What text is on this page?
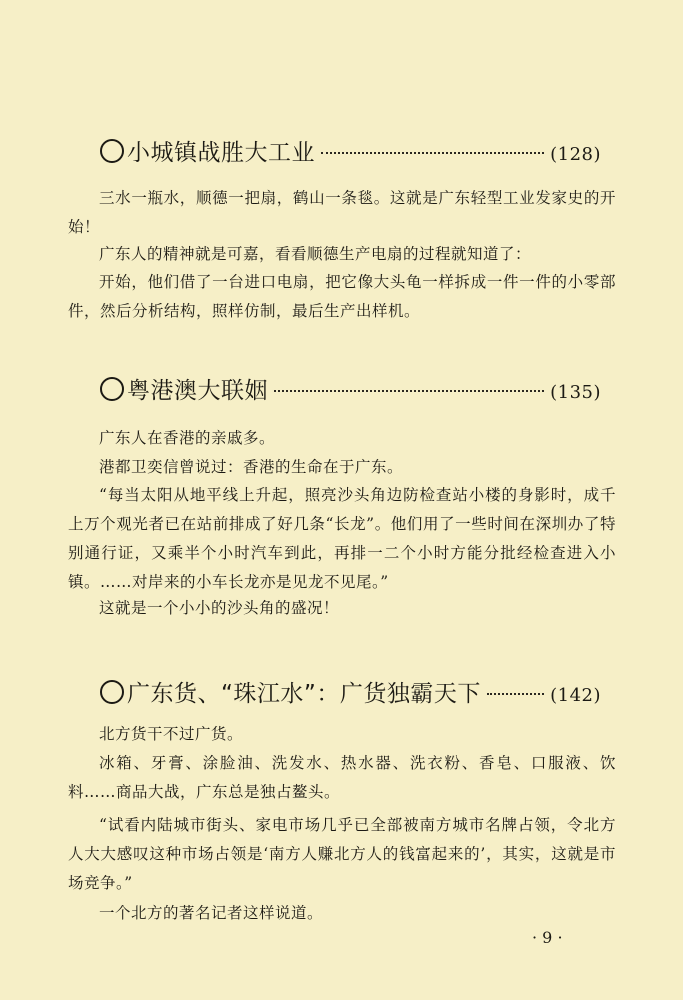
小城镇战胜大工业	(128)
三水一瓶水，顺德一把扇，鹤山一条毯。这就是广东轻型工业发家史的开始！
广东人的精神就是可嘉，看看顺德生产电扇的过程就知道了：
开始，他们借了一台进口电扇，把它像大头龟一样拆成一件一件的小零部件，然后分析结构，照样仿制，最后生产出样机。
粤港澳大联姻	(135)
广东人在香港的亲戚多。
港都卫奕信曾说过：香港的生命在于广东。
“每当太阳从地平线上升起，照亮沙头角边防检查站小楼的身影时，成千上万个观光者已在站前排成了好几条“长龙”。他们用了一些时间在深圳办了特别通行证，又乘半个小时汽车到此，再排一二个小时方能分批经检查进入小镇。……对岸来的小车长龙亦是见龙不见尾。”
这就是一个小小的沙头角的盛况！
广东货、“珠江水”：广货独霸天下	(142)
北方货干不过广货。
冰箱、牙膏、涂脸油、洗发水、热水器、洗衣粉、香皂、口服液、饮料……商品大战，广东总是独占鳌头。
“试看内陆城市街头、家电市场几乎已全部被南方城市名牌占领，令北方人大大感叹这种市场占领是‘南方人赚北方人的钱富起来的’，其实，这就是市场竞争。”
一个北方的著名记者这样说道。
· 9 ·
